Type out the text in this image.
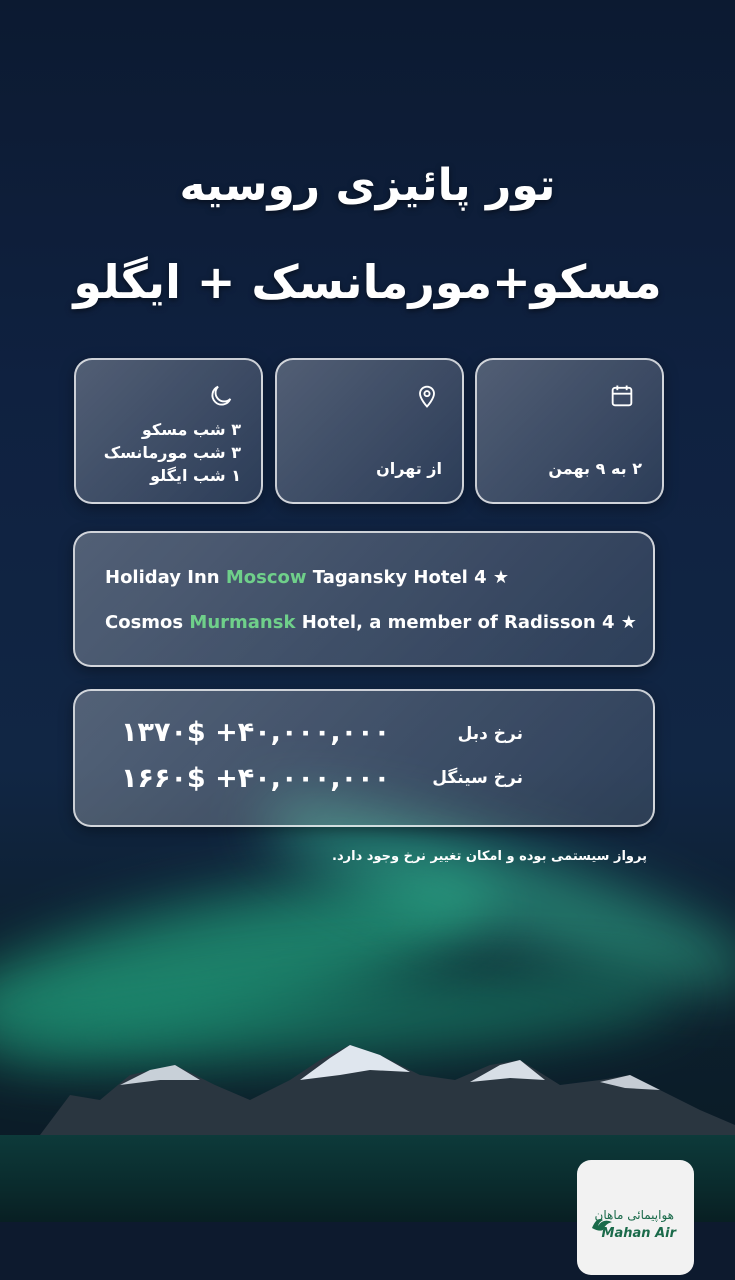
تور پائیزی روسیه
مسکو+مورمانسک + ایگلو
۲ به ۹ بهمن
از تهران
۳ شب مسکو
۳ شب مورمانسک
۱ شب ایگلو
Holiday Inn Moscow Tagansky Hotel 4 ★
Cosmos Murmansk Hotel, a member of Radisson 4 ★
۱۳۷۰$ +۴۰,۰۰۰,۰۰۰	نرخ دبل
۱۶۶۰$ +۴۰,۰۰۰,۰۰۰ نرخ سینگل
پرواز سیستمی بوده و امکان تغییر نرخ وجود دارد.
هواپیمائی ماهان
Mahan Air
